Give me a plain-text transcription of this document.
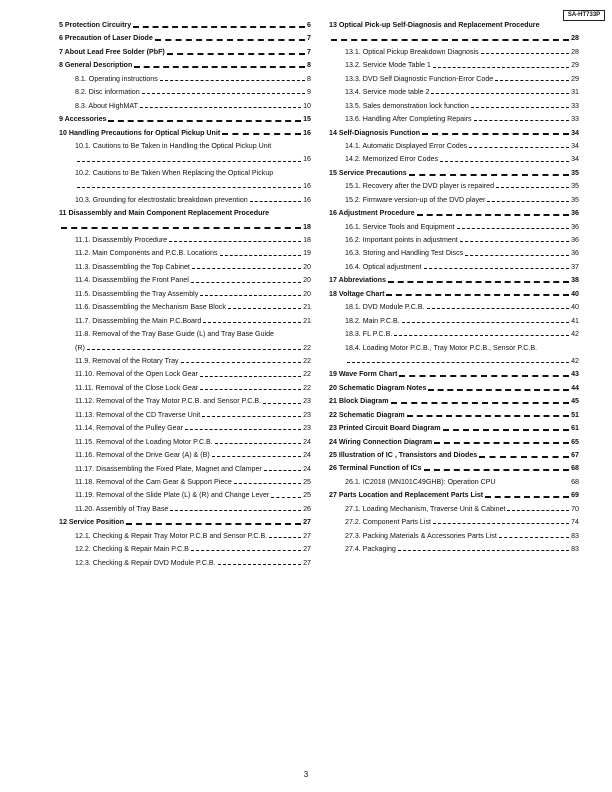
SA-HT733P
5 Protection Circuitry	6
6 Precaution of Laser Diode	7
7 About Lead Free Solder (PbF)	7
8 General Description	8
8.1. Operating instructions	8
8.2. Disc information	9
8.3. About HighMAT	10
9 Accessories	15
10 Handling Precautions for Optical Pickup Unit	16
10.1. Cautions to Be Taken in Handling the Optical Pickup Unit
16
10.2. Cautions to Be Taken When Replacing the Optical Pickup
16
10.3. Grounding for electrostatic breakdown prevention	16
11 Disassembly and Main Component Replacement Procedure
18
11.1. Disassembly Procedure	18
11.2. Main Components and P.C.B. Locations	19
11.3. Disassembling the Top Cabinet	20
11.4. Disassembling the Front Panel	20
11.5. Disassembling the Tray Assembly	20
11.6. Disassembling the Mechanism Base Block	21
11.7. Disassembling the Main P.C.Board	21
11.8. Removal of the Tray Base Guide (L) and Tray Base Guide
(R)	22
11.9. Removal of the Rotary Tray	22
11.10. Removal of the Open Lock Gear	22
11.11. Removal of the Close Lock Gear	22
11.12. Removal of the Tray Motor P.C.B. and Sensor P.C.B.	23
11.13. Removal of the CD Traverse Unit	23
11.14. Removal of the Pulley Gear	23
11.15. Removal of the Loading Motor P.C.B.	24
11.16. Removal of the Drive Gear (A) & (B)	24
11.17. Disassembling the Fixed Plate, Magnet and Clamper	24
11.18. Removal of the Cam Gear & Support Piece	25
11.19. Removal of the Slide Plate (L) & (R) and Change Lever	25
11.20. Assembly of Tray Base	26
12 Service Position	27
12.1. Checking & Repair Tray Motor P.C.B and Sensor P.C.B.	27
12.2. Checking & Repair Main P.C.B	27
12.3. Checking & Repair DVD Module P.C.B.	27
13 Optical Pick-up Self-Diagnosis and Replacement Procedure
28
13.1. Optical Pickup Breakdown Diagnosis	28
13.2. Service Mode Table 1	29
13.3. DVD Self Diagnostic Function-Error Code	29
13.4. Service mode table 2	31
13.5. Sales demonstration lock function	33
13.6. Handling After Completing Repairs	33
14 Self-Diagnosis Function	34
14.1. Automatic Displayed Error Codes	34
14.2. Memorized Error Codes	34
15 Service Precautions	35
15.1. Recovery after the DVD player is repaired	35
15.2. Firmware version-up of the DVD player	35
16 Adjustment Procedure	36
16.1. Service Tools and Equipment	36
16.2. Important points in adjustment	36
16.3. Storing and Handling Test Discs	36
16.4. Optical adjustment	37
17 Abbreviations	38
18 Voltage Chart	40
18.1. DVD Module P.C.B.	40
18.2. Main P.C.B.	41
18.3. FL P.C.B.	42
18.4. Loading Motor P.C.B., Tray Motor P.C.B., Sensor P.C.B.
42
19 Wave Form Chart	43
20 Schematic Diagram Notes	44
21 Block Diagram	45
22 Schematic Diagram	51
23 Printed Circuit Board Diagram	61
24 Wiring Connection Diagram	65
25 Illustration of IC , Transistors and Diodes	67
26 Terminal Function of ICs	68
26.1. IC2018 (MN101C49GHB): Operation CPU	68
27 Parts Location and Replacement Parts List	69
27.1. Loading Mechanism, Traverse Unit & Cabinet	70
27.2. Component Parts List	74
27.3. Packing Materials & Accessories Parts List	83
27.4. Packaging	83
3
